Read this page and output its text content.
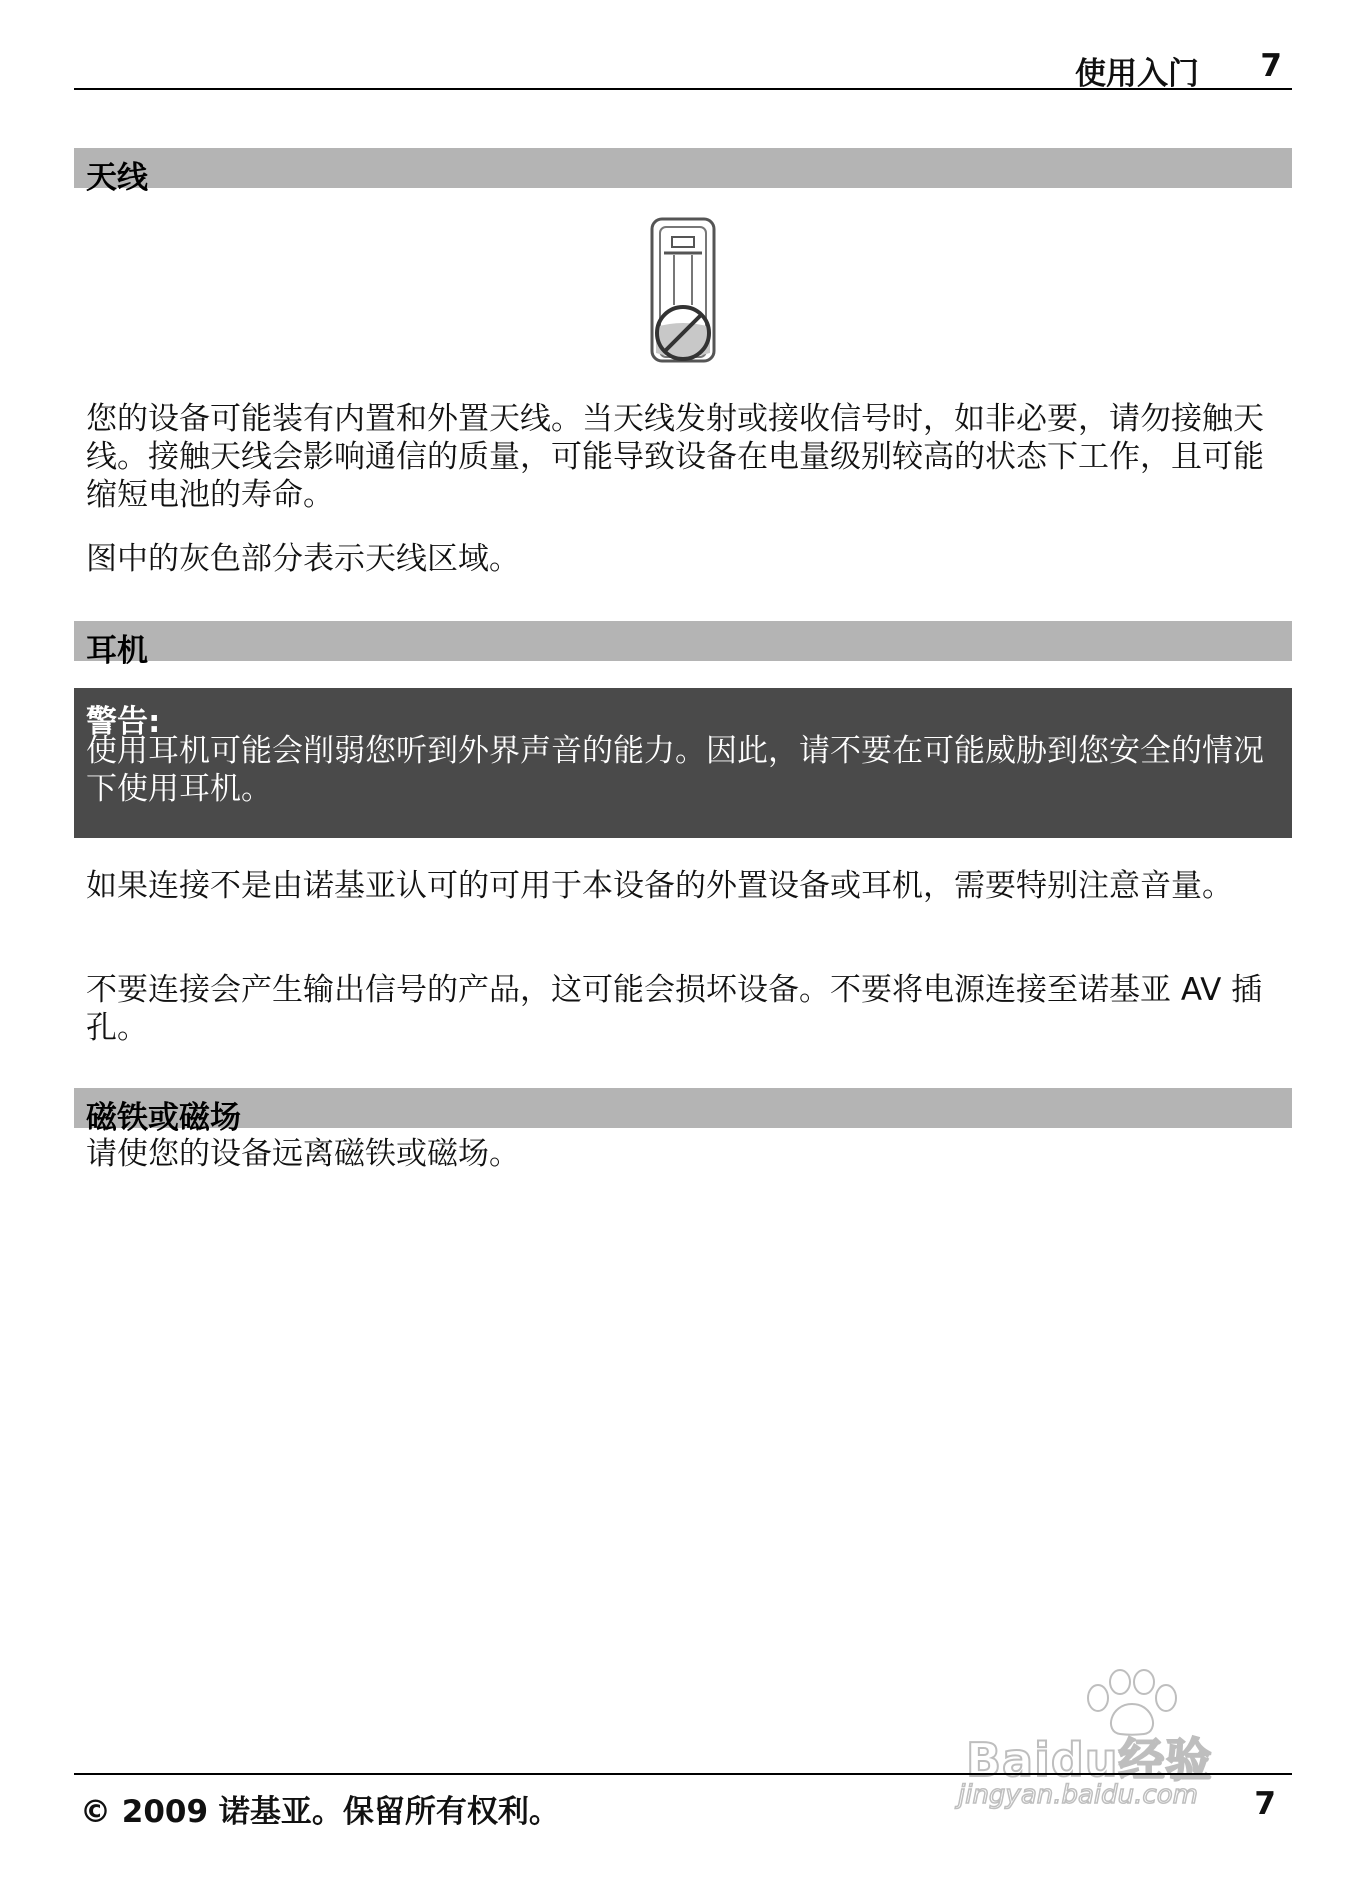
使用入门 7
天线

您的设备可能装有内置和外置天线。当天线发射或接收信号时，如非必要，请勿接触天线。接触天线会影响通信的质量，可能导致设备在电量级别较高的状态下工作，且可能缩短电池的寿命。

图中的灰色部分表示天线区域。

耳机
警告:

使用耳机可能会削弱您听到外界声音的能力。因此，请不要在可能威胁到您安全的情况下使用耳机。

如果连接不是由诺基亚认可的可用于本设备的外置设备或耳机，需要特别注意音量。

不要连接会产生输出信号的产品，这可能会损坏设备。不要将电源连接至诺基亚 AV 插孔。

磁铁或磁场

请使您的设备远离磁铁或磁场。

Baidu经验
jingyan.baidu.com
© 2009 诺基亚。保留所有权利。	7
